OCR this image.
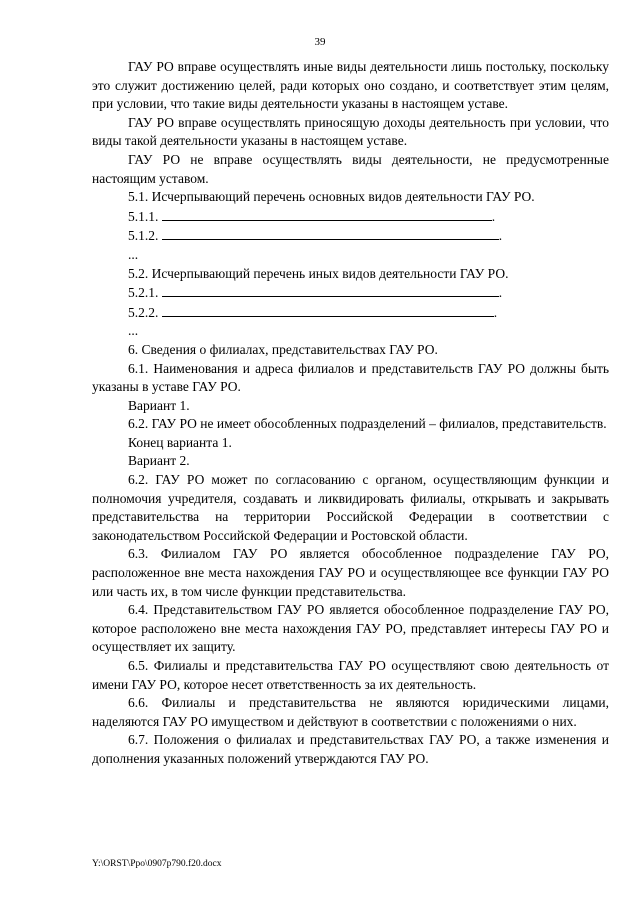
39

ГАУ РО вправе осуществлять иные виды деятельности лишь постольку, поскольку это служит достижению целей, ради которых оно создано, и соответствует этим целям, при условии, что такие виды деятельности указаны в настоящем уставе.

ГАУ РО вправе осуществлять приносящую доходы деятельность при условии, что виды такой деятельности указаны в настоящем уставе.

ГАУ РО не вправе осуществлять виды деятельности, не предусмотренные настоящим уставом.

5.1. Исчерпывающий перечень основных видов деятельности ГАУ РО.

5.1.1.	.

5.1.2.	.

...

5.2. Исчерпывающий перечень иных видов деятельности ГАУ РО.

5.2.1.	.

5.2.2.	.

...

6. Сведения о филиалах, представительствах ГАУ РО.

6.1. Наименования и адреса филиалов и представительств ГАУ РО должны быть указаны в уставе ГАУ РО.

Вариант 1.

6.2. ГАУ РО не имеет обособленных подразделений – филиалов, представительств.

Конец варианта 1.

Вариант 2.

6.2. ГАУ РО может по согласованию с органом, осуществляющим функции и полномочия учредителя, создавать и ликвидировать филиалы, открывать и закрывать представительства на территории Российской Федерации в соответствии с законодательством Российской Федерации и Ростовской области.

6.3. Филиалом ГАУ РО является обособленное подразделение ГАУ РО, расположенное вне места нахождения ГАУ РО и осуществляющее все функции ГАУ РО или часть их, в том числе функции представительства.

6.4. Представительством ГАУ РО является обособленное подразделение ГАУ РО, которое расположено вне места нахождения ГАУ РО, представляет интересы ГАУ РО и осуществляет их защиту.

6.5. Филиалы и представительства ГАУ РО осуществляют свою деятельность от имени ГАУ РО, которое несет ответственность за их деятельность.

6.6. Филиалы и представительства не являются юридическими лицами, наделяются ГАУ РО имуществом и действуют в соответствии с положениями о них.

6.7. Положения о филиалах и представительствах ГАУ РО, а также изменения и дополнения указанных положений утверждаются ГАУ РО.

Y:\ORST\Ppo\0907p790.f20.docx
